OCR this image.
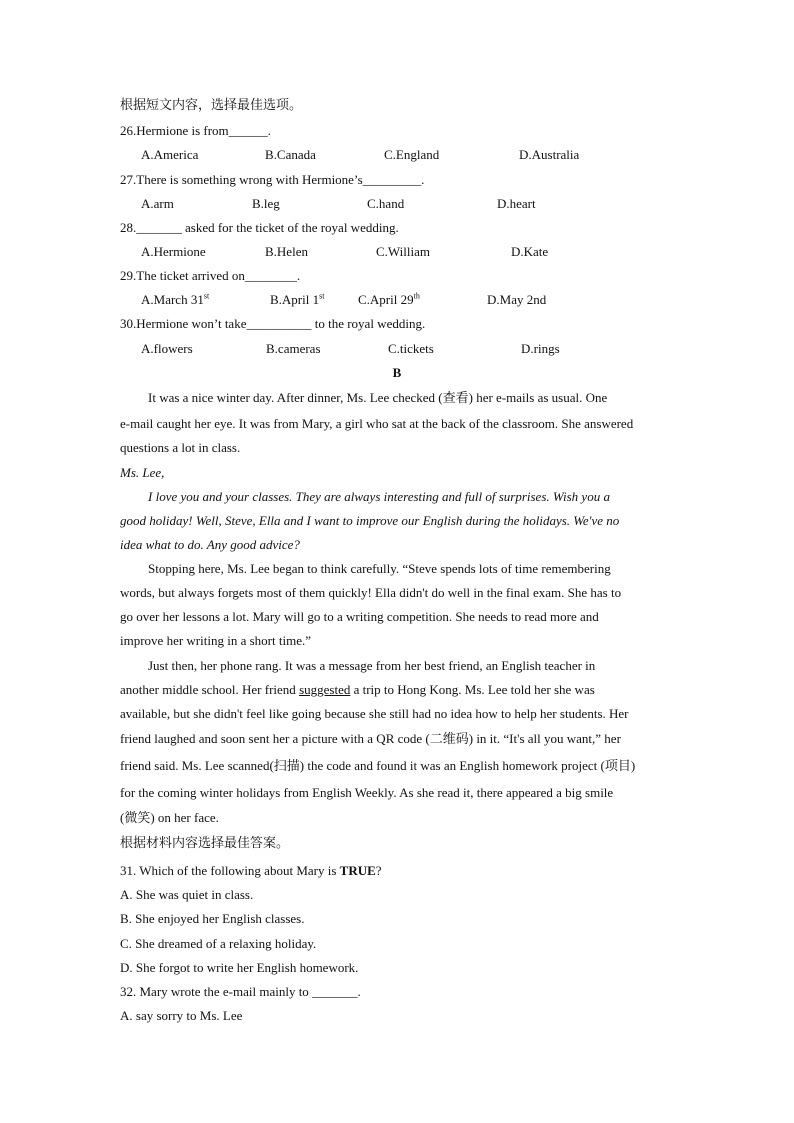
根据短文内容，选择最佳选项。
26.Hermione is from______.
A.America	B.Canada	C.England	D.Australia
27.There is something wrong with Hermione’s_________.
A.arm	B.leg	C.hand	D.heart
28._______ asked for the ticket of the royal wedding.
A.Hermione	B.Helen	C.William	D.Kate
29.The ticket arrived on________.
A.March 31st	B.April 1st	C.April 29th	D.May 2nd
30.Hermione won’t take__________ to the royal wedding.
A.flowers	B.cameras	C.tickets	D.rings
B
It was a nice winter day. After dinner, Ms. Lee checked (查看) her e-mails as usual. One
e-mail caught her eye. It was from Mary, a girl who sat at the back of the classroom. She answered
questions a lot in class.
Ms. Lee,
I love you and your classes. They are always interesting and full of surprises. Wish you a
good holiday! Well, Steve, Ella and I want to improve our English during the holidays. We've no
idea what to do. Any good advice?
Stopping here, Ms. Lee began to think carefully. “Steve spends lots of time remembering
words, but always forgets most of them quickly! Ella didn't do well in the final exam. She has to
go over her lessons a lot. Mary will go to a writing competition. She needs to read more and
improve her writing in a short time.”
Just then, her phone rang. It was a message from her best friend, an English teacher in
another middle school. Her friend suggested a trip to Hong Kong. Ms. Lee told her she was
available, but she didn't feel like going because she still had no idea how to help her students. Her
friend laughed and soon sent her a picture with a QR code (二维码) in it. “It's all you want,” her
friend said. Ms. Lee scanned(扫描) the code and found it was an English homework project (项目)
for the coming winter holidays from English Weekly. As she read it, there appeared a big smile
(微笑) on her face.
根据材料内容选择最佳答案。
31. Which of the following about Mary is TRUE?
A. She was quiet in class.
B. She enjoyed her English classes.
C. She dreamed of a relaxing holiday.
D. She forgot to write her English homework.
32. Mary wrote the e-mail mainly to _______.
A. say sorry to Ms. Lee
